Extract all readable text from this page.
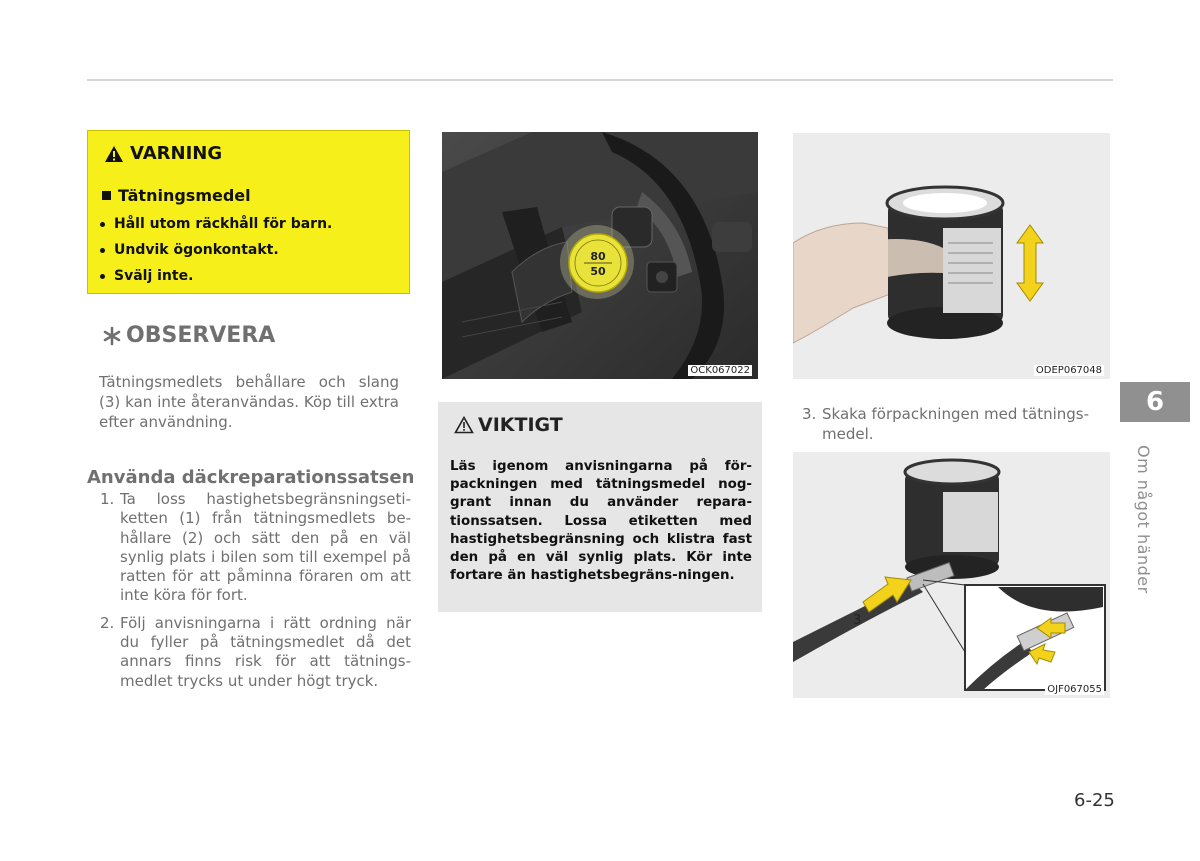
VARNING
Tätningsmedel
Håll utom räckhåll för barn.
Undvik ögonkontakt.
Svälj inte.
OBSERVERA
Tätningsmedlets behållare och slang (3) kan inte återanvändas. Köp till extra efter användning.
Använda däckreparationssatsen
1. Ta loss hastighetsbegränsningseti-ketten (1) från tätningsmedlets be-hållare (2) och sätt den på en väl synlig plats i bilen som till exempel på ratten för att påminna föraren om att inte köra för fort.
2. Följ anvisningarna i rätt ordning när du fyller på tätningsmedlet då det annars finns risk för att tätnings-medlet trycks ut under högt tryck.
80
50
OCK067022	ODEP067048
VIKTIGT
Läs igenom anvisningarna på för-packningen med tätningsmedel nog-grant innan du använder repara-tionssatsen. Lossa etiketten med hastighetsbegränsning och klistra fast den på en väl synlig plats. Kör inte fortare än hastighetsbegräns-ningen.
3. Skaka förpackningen med tätnings-medel.
3
OJF067055
6
Om något händer
6-25
